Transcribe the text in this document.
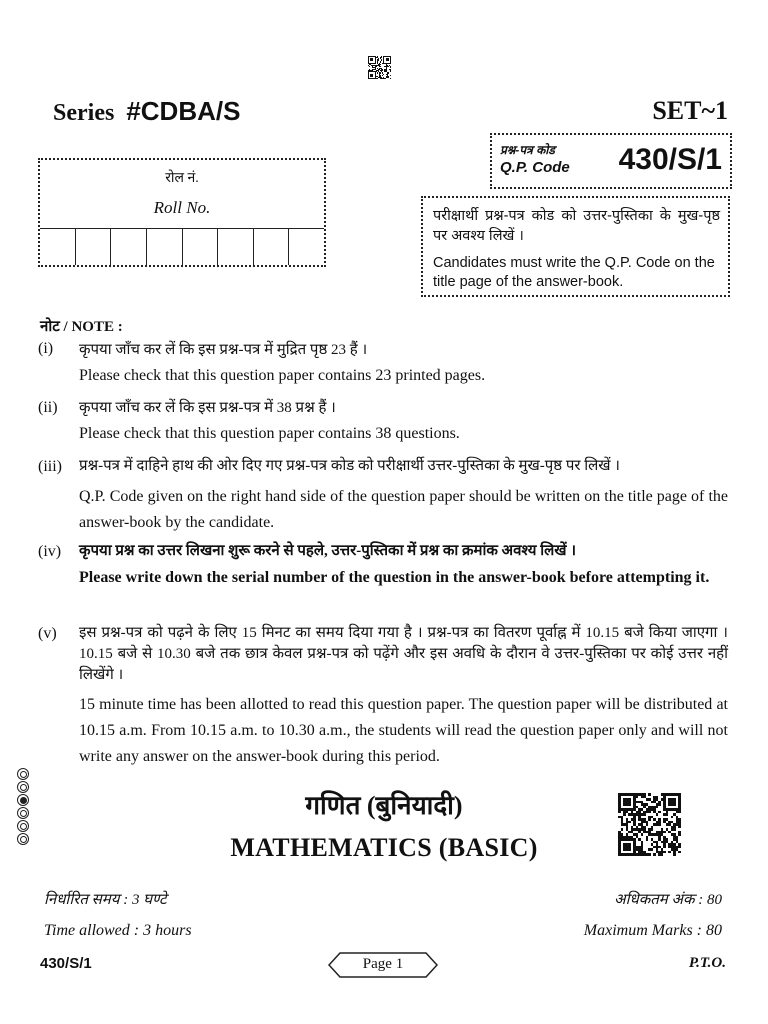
Series #CDBA/S	SET~1
रोल नं.
Roll No.
प्रश्न-पत्र कोड
Q.P. Code 430/S/1
परीक्षार्थी प्रश्न-पत्र कोड को उत्तर-पुस्तिका के मुख-पृष्ठ पर अवश्य लिखें ।
Candidates must write the Q.P. Code on the title page of the answer-book.
नोट / NOTE :
(i) कृपया जाँच कर लें कि इस प्रश्न-पत्र में मुद्रित पृष्ठ 23 हैं ।
Please check that this question paper contains 23 printed pages.
(ii) कृपया जाँच कर लें कि इस प्रश्न-पत्र में 38 प्रश्न हैं ।
Please check that this question paper contains 38 questions.
(iii) प्रश्न-पत्र में दाहिने हाथ की ओर दिए गए प्रश्न-पत्र कोड को परीक्षार्थी उत्तर-पुस्तिका के मुख-पृष्ठ पर लिखें ।
Q.P. Code given on the right hand side of the question paper should be written on the title page of the answer-book by the candidate.
(iv) कृपया प्रश्न का उत्तर लिखना शुरू करने से पहले, उत्तर-पुस्तिका में प्रश्न का क्रमांक अवश्य लिखें ।
Please write down the serial number of the question in the answer-book before attempting it.
(v) इस प्रश्न-पत्र को पढ़ने के लिए 15 मिनट का समय दिया गया है । प्रश्न-पत्र का वितरण पूर्वाह्न में 10.15 बजे किया जाएगा । 10.15 बजे से 10.30 बजे तक छात्र केवल प्रश्न-पत्र को पढ़ेंगे और इस अवधि के दौरान वे उत्तर-पुस्तिका पर कोई उत्तर नहीं लिखेंगे ।
15 minute time has been allotted to read this question paper. The question paper will be distributed at 10.15 a.m. From 10.15 a.m. to 10.30 a.m., the students will read the question paper only and will not write any answer on the answer-book during this period.
गणित (बुनियादी)
MATHEMATICS (BASIC)
निर्धारित समय : 3 घण्टे	अधिकतम अंक : 80
Time allowed : 3 hours	Maximum Marks : 80
430/S/1	Page 1	P.T.O.
